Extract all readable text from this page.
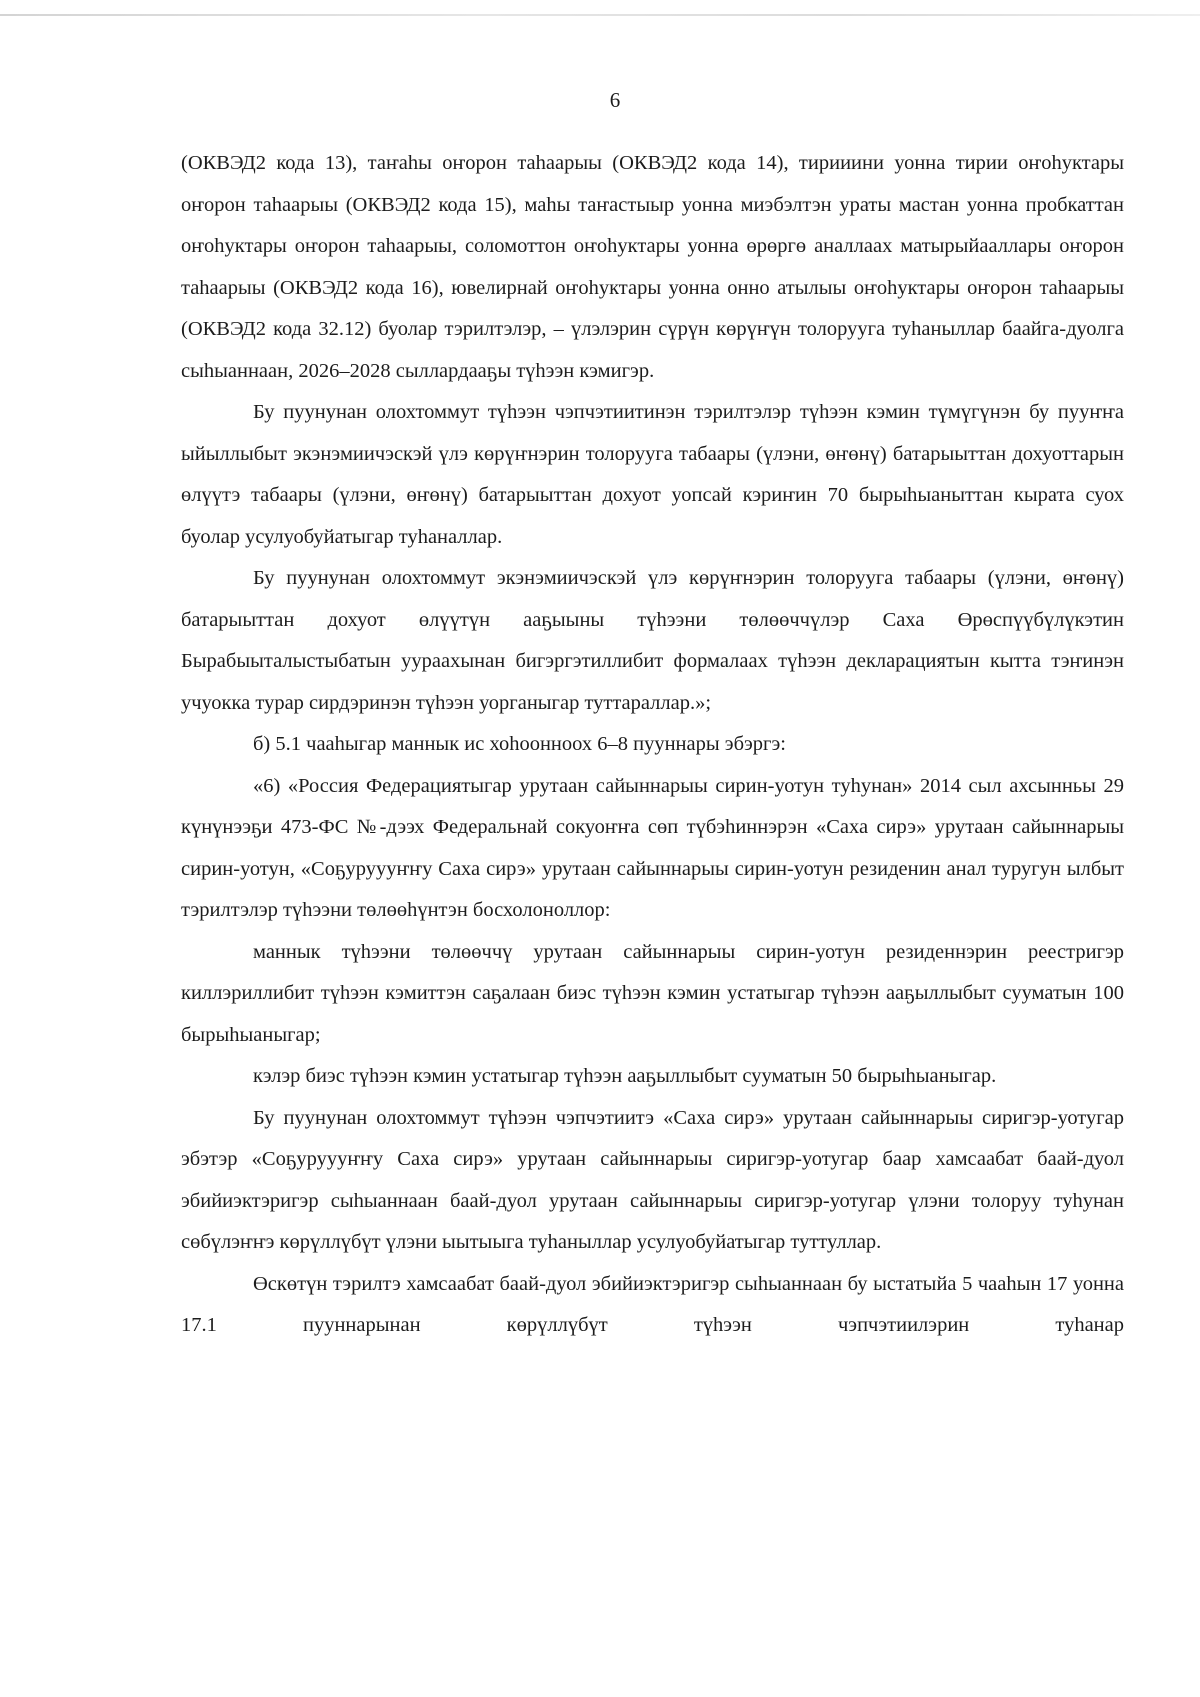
6

(ОКВЭД2 кода 13), таҥаһы оҥорон таһаарыы (ОКВЭД2 кода 14), тирииини уонна тирии оҥоһуктары оҥорон таһаарыы (ОКВЭД2 кода 15), маһы таҥастыыр уонна миэбэлтэн ураты мастан уонна пробкаттан оҥоһуктары оҥорон таһаарыы, соломоттон оҥоһуктары уонна өрөргө аналлаах матырыйааллары оҥорон таһаарыы (ОКВЭД2 кода 16), ювелирнай оҥоһуктары уонна онно атылыы оҥоһуктары оҥорон таһаарыы (ОКВЭД2 кода 32.12) буолар тэрилтэлэр, – үлэлэрин сүрүн көрүҥүн толорууга туһаныллар баайга-дуолга сыһыаннаан, 2026–2028 сыллардааҕы түһээн кэмигэр.

Бу пуунунан олохтоммут түһээн чэпчэтиитинэн тэрилтэлэр түһээн кэмин түмүгүнэн бу пууҥҥа ыйыллыбыт экэнэмиичэскэй үлэ көрүҥнэрин толорууга табаары (үлэни, өҥөнү) батарыыттан дохуоттарын өлүүтэ табаары (үлэни, өҥөнү) батарыыттан дохуот уопсай кэриҥин 70 бырыһыаныттан кырата суох буолар усулуобуйатыгар туһаналлар.

Бу пуунунан олохтоммут экэнэмиичэскэй үлэ көрүҥнэрин толорууга табаары (үлэни, өҥөнү) батарыыттан дохуот өлүүтүн ааҕыыны түһээни төлөөччүлэр Саха Өрөспүүбүлүкэтин Бырабыыталыстыбатын уураахынан бигэргэтиллибит формалаах түһээн декларациятын кытта тэҥинэн учуокка турар сирдэринэн түһээн уорганыгар туттараллар.»;

б) 5.1 чааһыгар маннык ис хоһоонноох 6–8 пууннары эбэргэ:

«6) «Россия Федерациятыгар урутаан сайыннарыы сирин-уотун туһунан» 2014 сыл ахсынньы 29 күнүнээҕи 473-ФС №-дээх Федеральнай сокуоҥҥа сөп түбэһиннэрэн «Саха сирэ» урутаан сайыннарыы сирин-уотун, «Соҕуруууҥҥу Саха сирэ» урутаан сайыннарыы сирин-уотун резиденин анал туругун ылбыт тэрилтэлэр түһээни төлөөһүнтэн босхолоноллор:

маннык түһээни төлөөччү урутаан сайыннарыы сирин-уотун резиденнэрин реестригэр киллэриллибит түһээн кэмиттэн саҕалаан биэс түһээн кэмин устатыгар түһээн ааҕыллыбыт сууматын 100 бырыһыаныгар;

кэлэр биэс түһээн кэмин устатыгар түһээн ааҕыллыбыт сууматын 50 бырыһыаныгар.

Бу пуунунан олохтоммут түһээн чэпчэтиитэ «Саха сирэ» урутаан сайыннарыы сиригэр-уотугар эбэтэр «Соҕуруууҥҥу Саха сирэ» урутаан сайыннарыы сиригэр-уотугар баар хамсаабат баай-дуол эбийиэктэригэр сыһыаннаан баай-дуол урутаан сайыннарыы сиригэр-уотугар үлэни толоруу туһунан сөбүлэҥҥэ көрүллүбүт үлэни ыытыыга туһаныллар усулуобуйатыгар туттуллар.

Өскөтүн тэрилтэ хамсаабат баай-дуол эбийиэктэригэр сыһыаннаан бу ыстатыйа 5 чааһын 17 уонна 17.1 пууннарынан көрүллүбүт түһээн чэпчэтиилэрин туһанар
